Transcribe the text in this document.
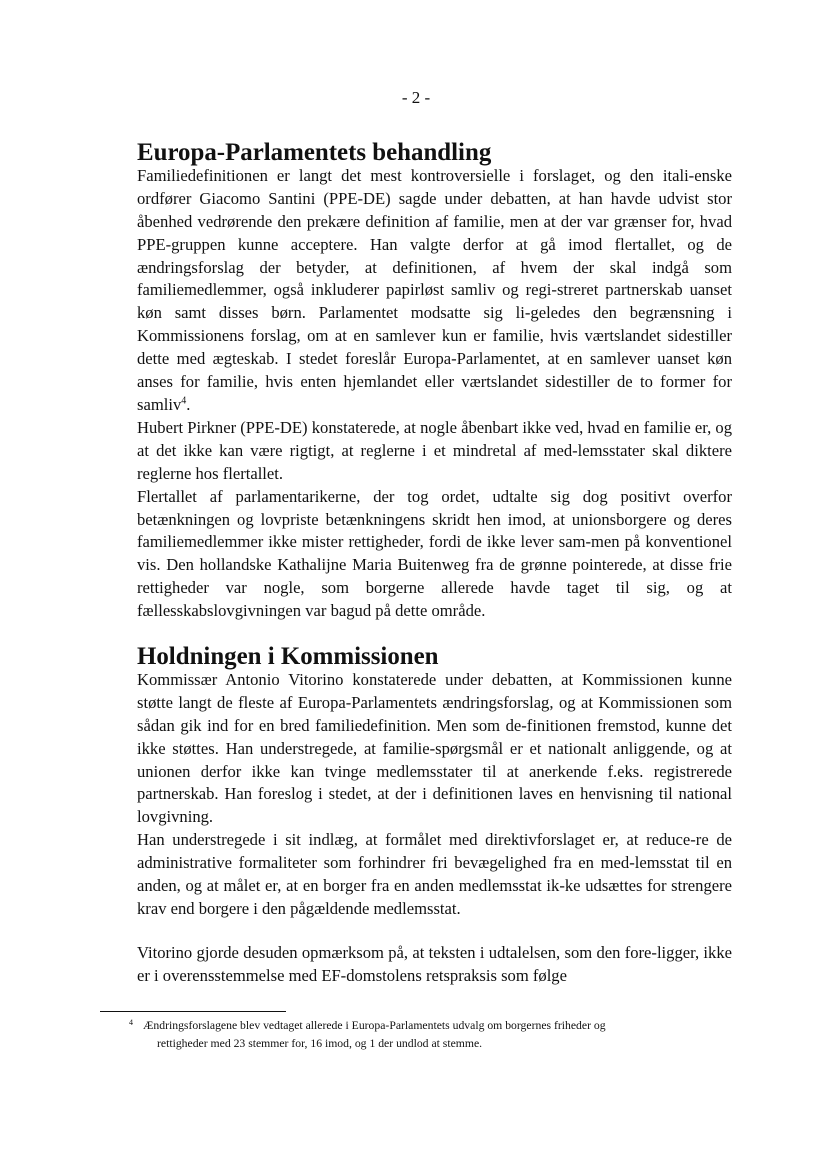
- 2 -
Europa-Parlamentets behandling

Familiedefinitionen er langt det mest kontroversielle i forslaget, og den itali-enske ordfører Giacomo Santini (PPE-DE) sagde under debatten, at han havde udvist stor åbenhed vedrørende den prekære definition af familie, men at der var grænser for, hvad PPE-gruppen kunne acceptere. Han valgte derfor at gå imod flertallet, og de ændringsforslag der betyder, at definitionen, af hvem der skal indgå som familiemedlemmer, også inkluderer papirløst samliv og regi-streret partnerskab uanset køn samt disses børn. Parlamentet modsatte sig li-geledes den begrænsning i Kommissionens forslag, om at en samlever kun er familie, hvis værtslandet sidestiller dette med ægteskab. I stedet foreslår Europa-Parlamentet, at en samlever uanset køn anses for familie, hvis enten hjemlandet eller værtslandet sidestiller de to former for samliv$^4$.

Hubert Pirkner (PPE-DE) konstaterede, at nogle åbenbart ikke ved, hvad en familie er, og at det ikke kan være rigtigt, at reglerne i et mindretal af med-lemsstater skal diktere reglerne hos flertallet.

Flertallet af parlamentarikerne, der tog ordet, udtalte sig dog positivt overfor betænkningen og lovpriste betænkningens skridt hen imod, at unionsborgere og deres familiemedlemmer ikke mister rettigheder, fordi de ikke lever sam-men på konventionel vis. Den hollandske Kathalijne Maria Buitenweg fra de grønne pointerede, at disse frie rettigheder var nogle, som borgerne allerede havde taget til sig, og at fællesskabslovgivningen var bagud på dette område.

Holdningen i Kommissionen

Kommissær Antonio Vitorino konstaterede under debatten, at Kommissionen kunne støtte langt de fleste af Europa-Parlamentets ændringsforslag, og at Kommissionen som sådan gik ind for en bred familiedefinition. Men som de-finitionen fremstod, kunne det ikke støttes. Han understregede, at familie-spørgsmål er et nationalt anliggende, og at unionen derfor ikke kan tvinge medlemsstater til at anerkende f.eks. registrerede partnerskab. Han foreslog i stedet, at der i definitionen laves en henvisning til national lovgivning.

Han understregede i sit indlæg, at formålet med direktivforslaget er, at reduce-re de administrative formaliteter som forhindrer fri bevægelighed fra en med-lemsstat til en anden, og at målet er, at en borger fra en anden medlemsstat ik-ke udsættes for strengere krav end borgere i den pågældende medlemsstat.

Vitorino gjorde desuden opmærksom på, at teksten i udtalelsen, som den fore-ligger, ikke er i overensstemmelse med EF-domstolens retspraksis som følge

4 Ændringsforslagene blev vedtaget allerede i Europa-Parlamentets udvalg om borgernes friheder og
rettigheder med 23 stemmer for, 16 imod, og 1 der undlod at stemme.
